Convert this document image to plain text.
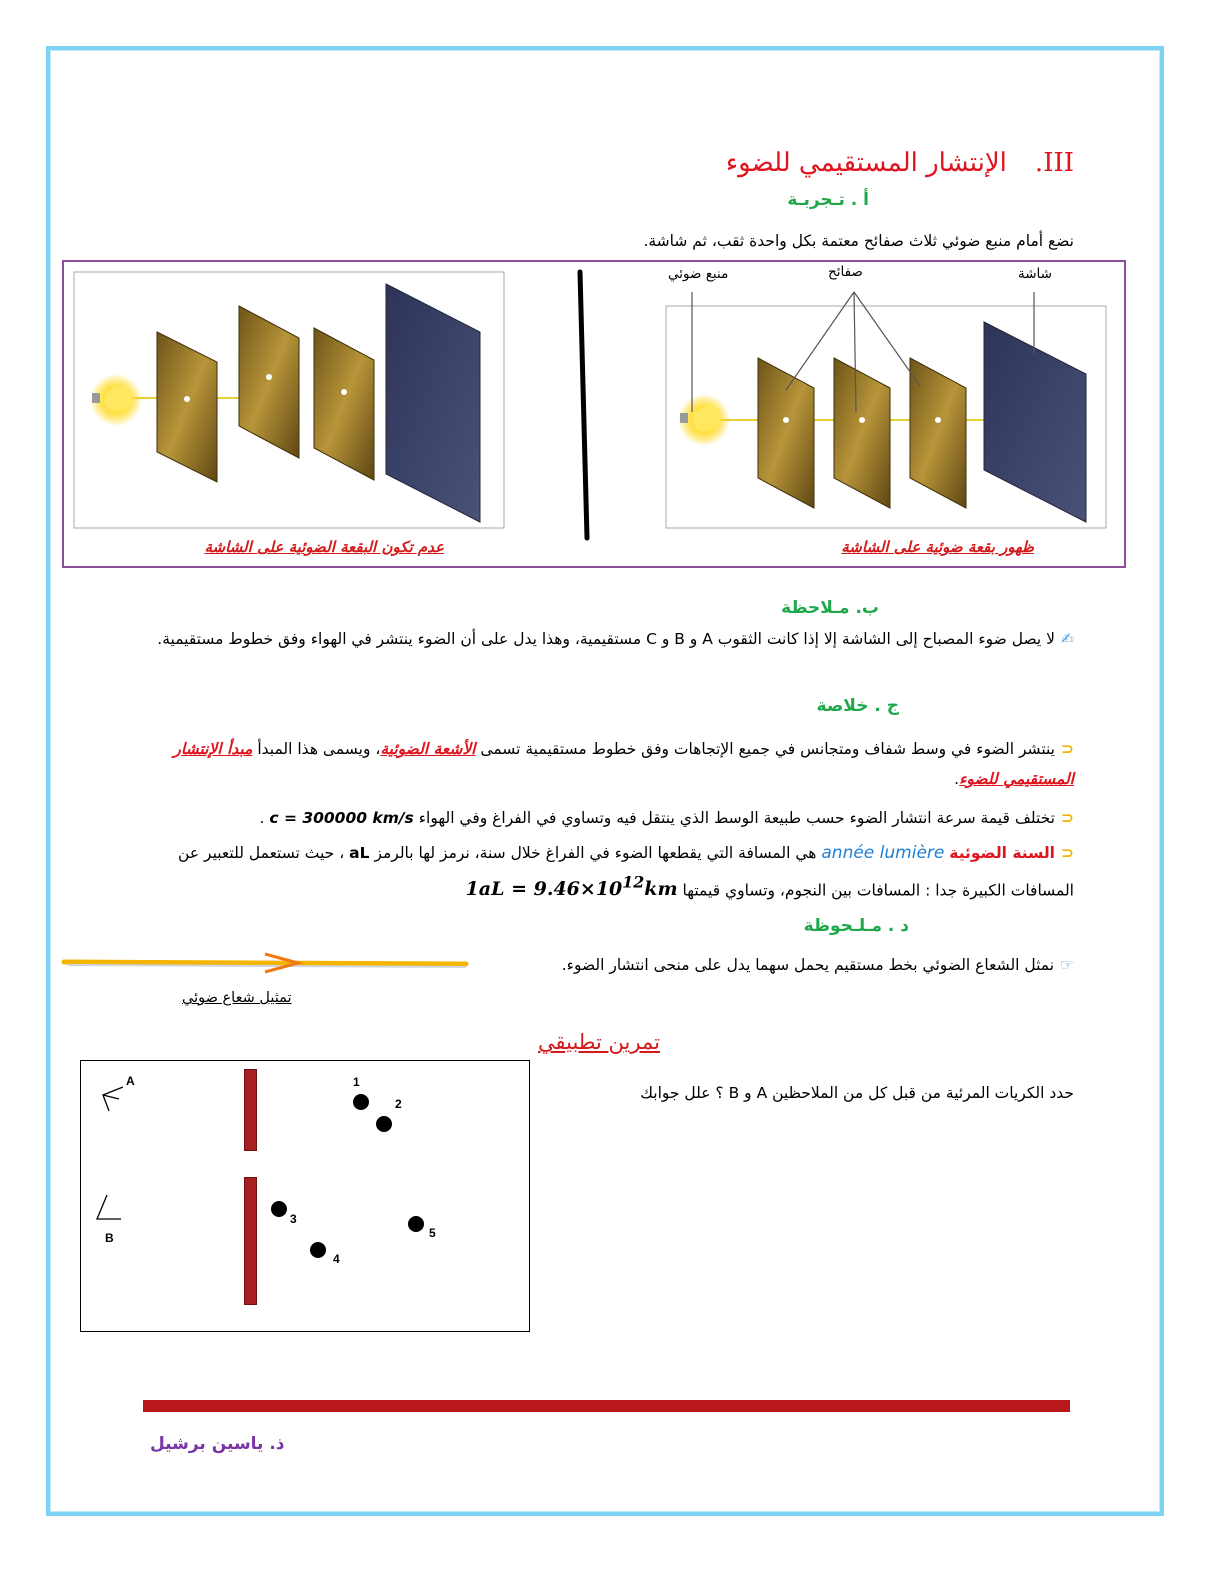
III.الإنتشار المستقيمي للضوء
أ . تـجربـة
نضع أمام منبع ضوئي ثلاث صفائح معتمة بكل واحدة ثقب، ثم شاشة.
شاشة
صفائح
منبع ضوئي
ظهور بقعة ضوئية على الشاشة
عدم تكون البقعة الضوئية على الشاشة
ب. مـلاحظة
✍لا يصل ضوء المصباح إلى الشاشة إلا إذا كانت الثقوب A و B و C مستقيمية، وهذا يدل على أن الضوء ينتشر في الهواء وفق خطوط مستقيمية.
ج . خلاصة
⊂ينتشر الضوء في وسط شفاف ومتجانس في جميع الإتجاهات وفق خطوط مستقيمية تسمى الأشعة الضوئية، ويسمى هذا المبدأ مبدأ الإنتشار المستقيمي للضوء.
⊂تختلف قيمة سرعة انتشار الضوء حسب طبيعة الوسط الذي ينتقل فيه وتساوي في الفراغ وفي الهواء c = 300000 km/s .
⊂السنة الضوئية année lumière هي المسافة التي يقطعها الضوء في الفراغ خلال سنة، نرمز لها بالرمز aL ، حيث تستعمل للتعبير عن المسافات الكبيرة جدا : المسافات بين النجوم، وتساوي قيمتها $1aL = 9.46\times 10^{12}km$
د . مـلـحوظة
☞نمثل الشعاع الضوئي بخط مستقيم يحمل سهما يدل على منحى انتشار الضوء.
تمثيل شعاع ضوئي
تمرين تطبيقي
حدد الكريات المرئية من قبل كل من الملاحظين A و B ؟ علل جوابك
A
B
1
2
3
4
5
ذ. ياسين برشيل
